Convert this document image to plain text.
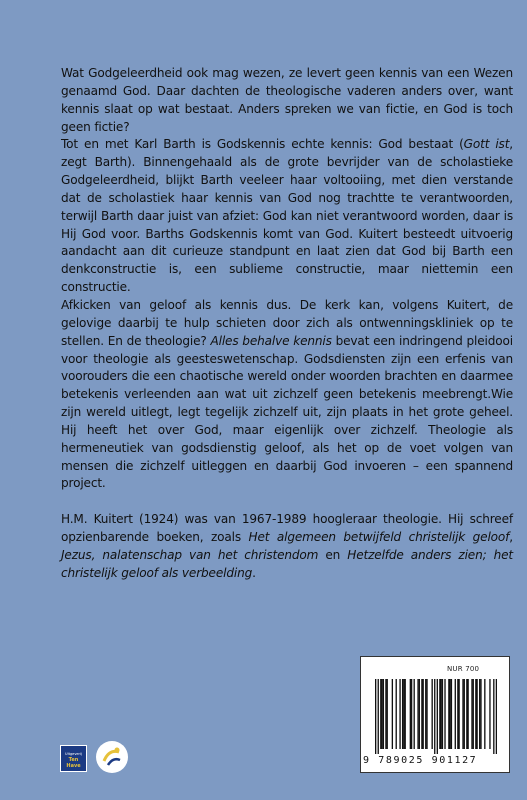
Wat Godgeleerdheid ook mag wezen, ze levert geen kennis van een Wezen genaamd God. Daar dachten de theologische vaderen anders over, want kennis slaat op wat bestaat. Anders spreken we van fictie, en God is toch geen fictie?

Tot en met Karl Barth is Godskennis echte kennis: God bestaat (Gott ist, zegt Barth). Binnengehaald als de grote bevrijder van de scholastieke Godgeleerdheid, blijkt Barth veeleer haar voltooiing, met dien verstande dat de scholastiek haar kennis van God nog trachtte te verantwoorden, terwijl Barth daar juist van afziet: God kan niet verantwoord worden, daar is Hij God voor. Barths Godskennis komt van God. Kuitert besteedt uitvoerig aandacht aan dit curieuze standpunt en laat zien dat God bij Barth een denkconstructie is, een sublieme constructie, maar niettemin een constructie.

Afkicken van geloof als kennis dus. De kerk kan, volgens Kuitert, de gelovige daarbij te hulp schieten door zich als ontwenningskliniek op te stellen. En de theologie? Alles behalve kennis bevat een indringend pleidooi voor theologie als geesteswetenschap. Godsdiensten zijn een erfenis van voorouders die een chaotische wereld onder woorden brachten en daarmee betekenis verleenden aan wat uit zichzelf geen betekenis meebrengt.Wie zijn wereld uitlegt, legt tegelijk zichzelf uit, zijn plaats in het grote geheel. Hij heeft het over God, maar eigenlijk over zichzelf. Theologie als hermeneutiek van godsdienstig geloof, als het op de voet volgen van mensen die zichzelf uitleggen en daarbij God invoeren – een spannend project.

H.M. Kuitert (1924) was van 1967-1989 hoogleraar theologie. Hij schreef opzienbarende boeken, zoals Het algemeen betwijfeld christelijk geloof, Jezus, nalatenschap van het christendom en Hetzelfde anders zien; het christelijk geloof als verbeelding.

NUR 700
9 789025 901127
Uitgeverij
Ten Have
